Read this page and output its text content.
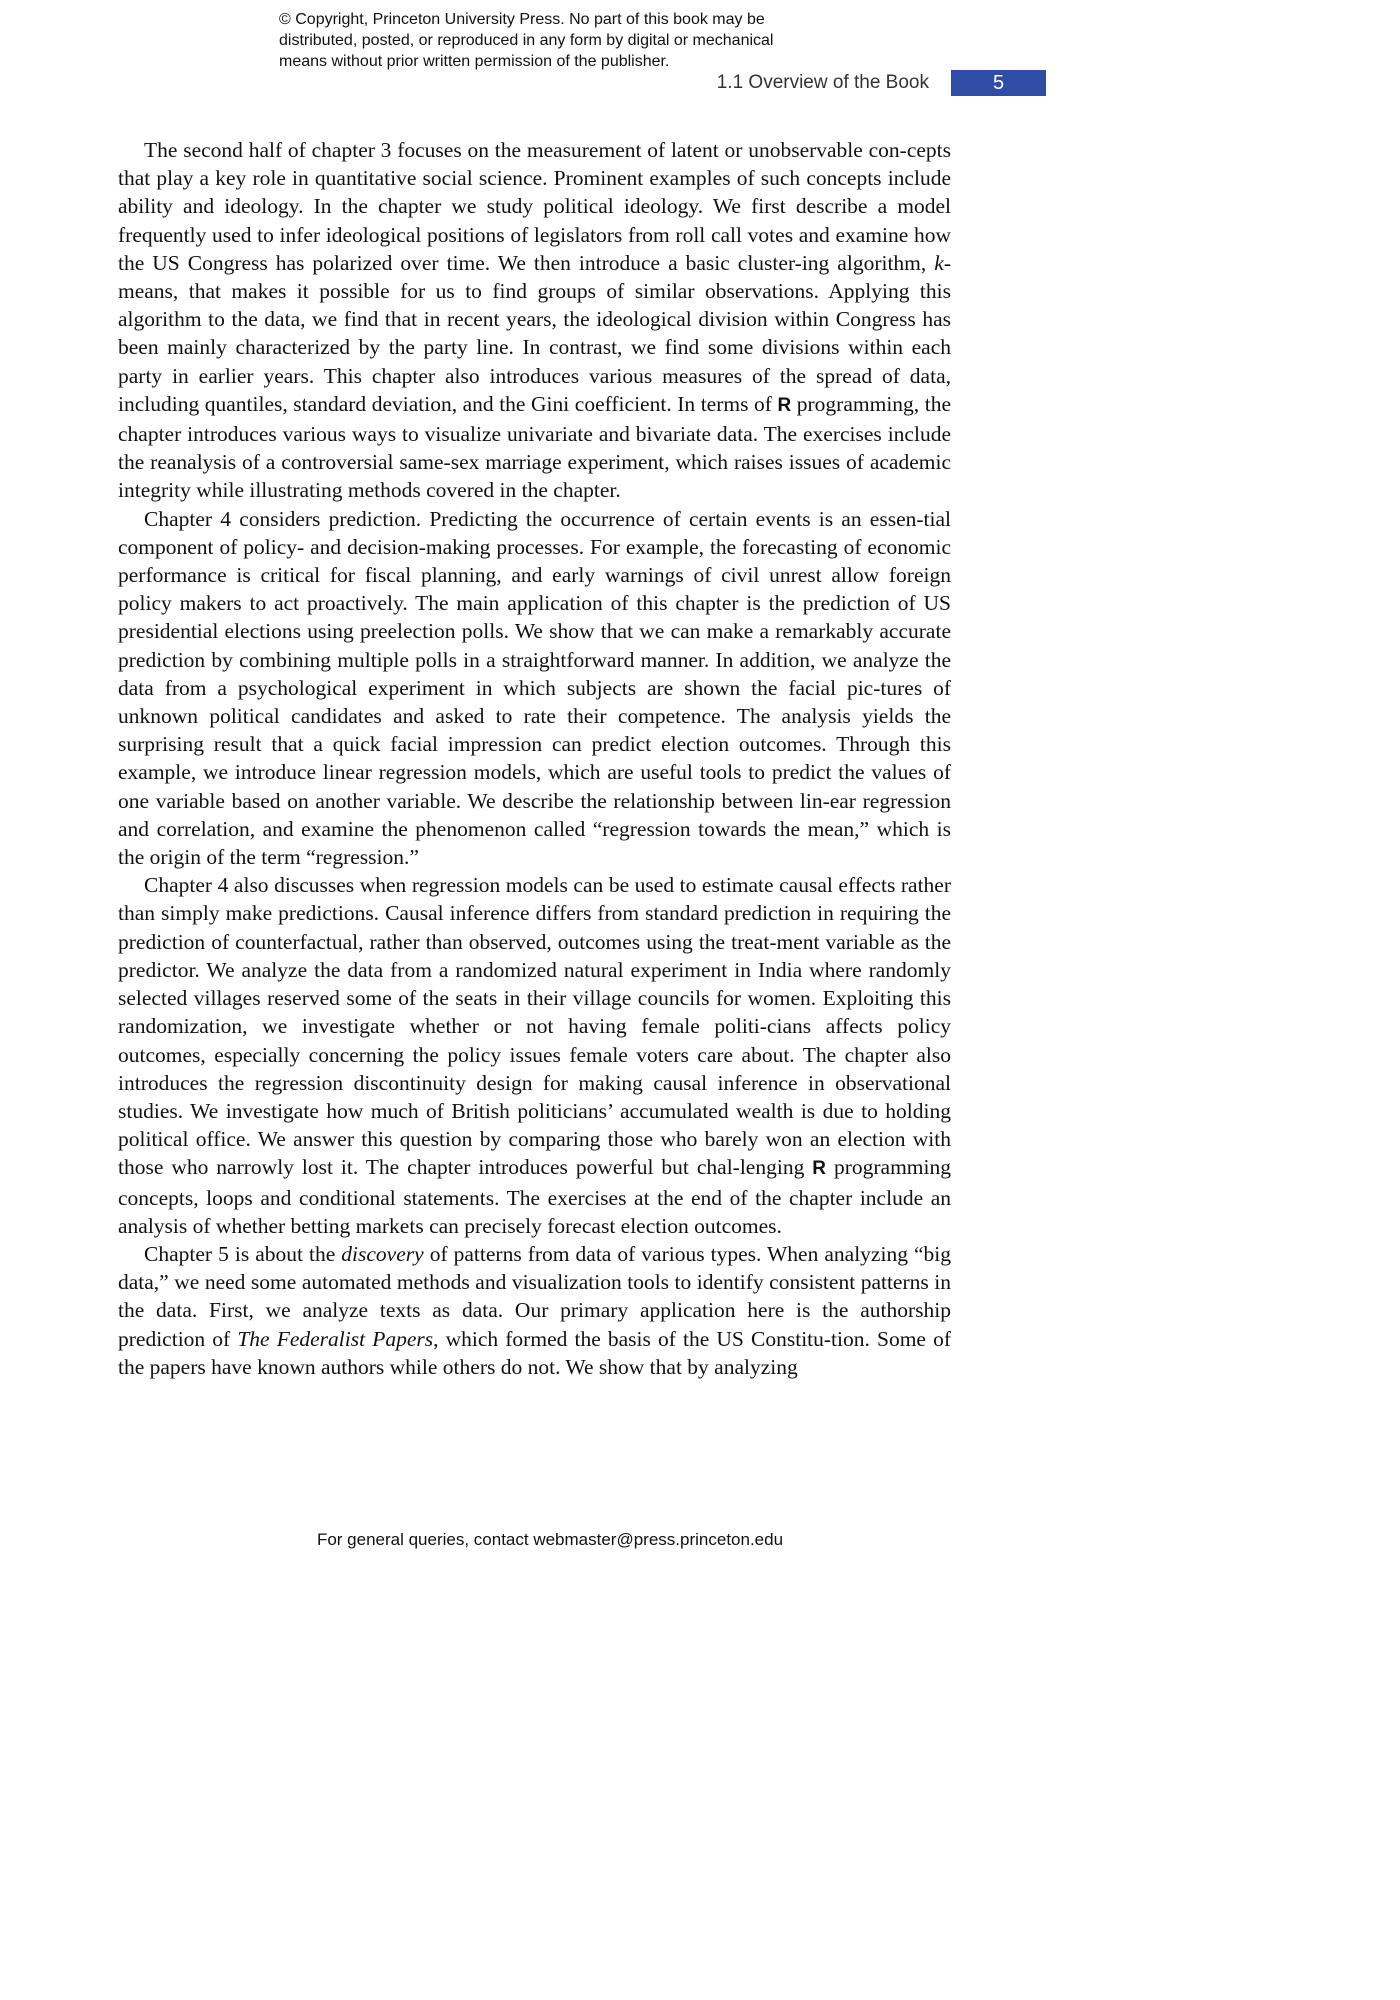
© Copyright, Princeton University Press. No part of this book may be
distributed, posted, or reproduced in any form by digital or mechanical
means without prior written permission of the publisher.
1.1 Overview of the Book	5

The second half of chapter 3 focuses on the measurement of latent or unobservable con-cepts that play a key role in quantitative social science. Prominent examples of such concepts include ability and ideology. In the chapter we study political ideology. We first describe a model frequently used to infer ideological positions of legislators from roll call votes and examine how the US Congress has polarized over time. We then introduce a basic cluster-ing algorithm, k-means, that makes it possible for us to find groups of similar observations. Applying this algorithm to the data, we find that in recent years, the ideological division within Congress has been mainly characterized by the party line. In contrast, we find some divisions within each party in earlier years. This chapter also introduces various measures of the spread of data, including quantiles, standard deviation, and the Gini coefficient. In terms of R programming, the chapter introduces various ways to visualize univariate and bivariate data. The exercises include the reanalysis of a controversial same-sex marriage experiment, which raises issues of academic integrity while illustrating methods covered in the chapter.

Chapter 4 considers prediction. Predicting the occurrence of certain events is an essen-tial component of policy- and decision-making processes. For example, the forecasting of economic performance is critical for fiscal planning, and early warnings of civil unrest allow foreign policy makers to act proactively. The main application of this chapter is the prediction of US presidential elections using preelection polls. We show that we can make a remarkably accurate prediction by combining multiple polls in a straightforward manner. In addition, we analyze the data from a psychological experiment in which subjects are shown the facial pic-tures of unknown political candidates and asked to rate their competence. The analysis yields the surprising result that a quick facial impression can predict election outcomes. Through this example, we introduce linear regression models, which are useful tools to predict the values of one variable based on another variable. We describe the relationship between lin-ear regression and correlation, and examine the phenomenon called “regression towards the mean,” which is the origin of the term “regression.”

Chapter 4 also discusses when regression models can be used to estimate causal effects rather than simply make predictions. Causal inference differs from standard prediction in requiring the prediction of counterfactual, rather than observed, outcomes using the treat-ment variable as the predictor. We analyze the data from a randomized natural experiment in India where randomly selected villages reserved some of the seats in their village councils for women. Exploiting this randomization, we investigate whether or not having female politi-cians affects policy outcomes, especially concerning the policy issues female voters care about. The chapter also introduces the regression discontinuity design for making causal inference in observational studies. We investigate how much of British politicians’ accumulated wealth is due to holding political office. We answer this question by comparing those who barely won an election with those who narrowly lost it. The chapter introduces powerful but chal-lenging R programming concepts, loops and conditional statements. The exercises at the end of the chapter include an analysis of whether betting markets can precisely forecast election outcomes.

Chapter 5 is about the discovery of patterns from data of various types. When analyzing “big data,” we need some automated methods and visualization tools to identify consistent patterns in the data. First, we analyze texts as data. Our primary application here is the authorship prediction of The Federalist Papers, which formed the basis of the US Constitu-tion. Some of the papers have known authors while others do not. We show that by analyzing

For general queries, contact webmaster@press.princeton.edu
